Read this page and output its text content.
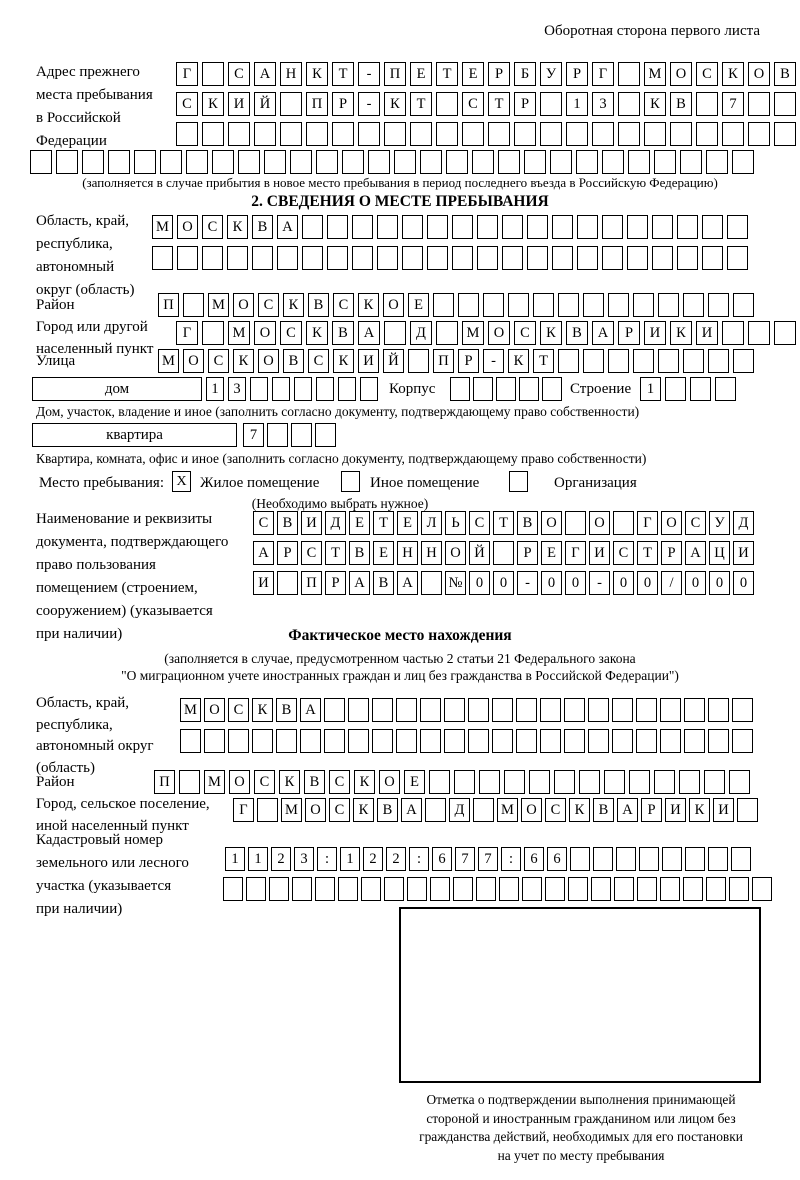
Оборотная сторона первого листа
Адрес прежнего
места пребывания
в Российской
Федерации
Г	С	А	Н	К	Т	-	П	Е	Т	Е	Р	Б	У	Р	Г	М О	С	К	О	В
С	К	И	Й	П	Р	-	К	Т	С	Т	Р	1	3	К	В	7
(заполняется в случае прибытия в новое место пребывания в период последнего въезда в Российскую Федерацию)
2. СВЕДЕНИЯ О МЕСТЕ ПРЕБЫВАНИЯ
Область, край,
республика,
автономный
округ (область)
М О	С	К	В	А
Район	П	М О	С	К	В	С	К	О	Е
Город или другой
населенный пункт
Г	М О	С	К	В	А	Д	М О	С	К	В	А	Р	И	К	И
Улица	М О	С	К	О	В	С	К	И	Й	П	Р	-	К	Т
дом	1	3	Корпус	Строение	1
Дом, участок, владение и иное (заполнить согласно документу, подтверждающему право собственности)
квартира	7
Квартира, комната, офис и иное (заполнить согласно документу, подтверждающему право собственности)
Место пребывания: X Жилое помещение	Иное помещение	Организация
(Необходимо выбрать нужное)
Наименование и реквизиты
документа, подтверждающего
право пользования
помещением (строением,
сооружением) (указывается
при наличии)
С В И Д	Е	Т	Е	Л	Ь	С	Т	В О	О	Г	О С У Д
А	Р	С	Т	В	Е Н Н О Й	Р	Е	Г	И С	Т	Р	А Ц И
И	П	Р	А В А	№ 0	0	-	0	0	-	0	0	/	0	0	0
Фактическое место нахождения
(заполняется в случае, предусмотренном частью 2 статьи 21 Федерального закона
"О миграционном учете иностранных граждан и лиц без гражданства в Российской Федерации")
Область, край,
республика,
автономный округ
(область)
М О С К В А
Район	П	М О	С	К	В	С	К	О	Е
Город, сельское поселение,
иной населенный пункт
Г	М О С К В А	Д	М О С К В А	Р	И К И
Кадастровый номер
земельного или лесного
участка (указывается
при наличии)
1	1	2	3	:	1	2	2	:	6	7	7	:	6	6
Отметка о подтверждении выполнения принимающей
стороной и иностранным гражданином или лицом без
гражданства действий, необходимых для его постановки
на учет по месту пребывания
